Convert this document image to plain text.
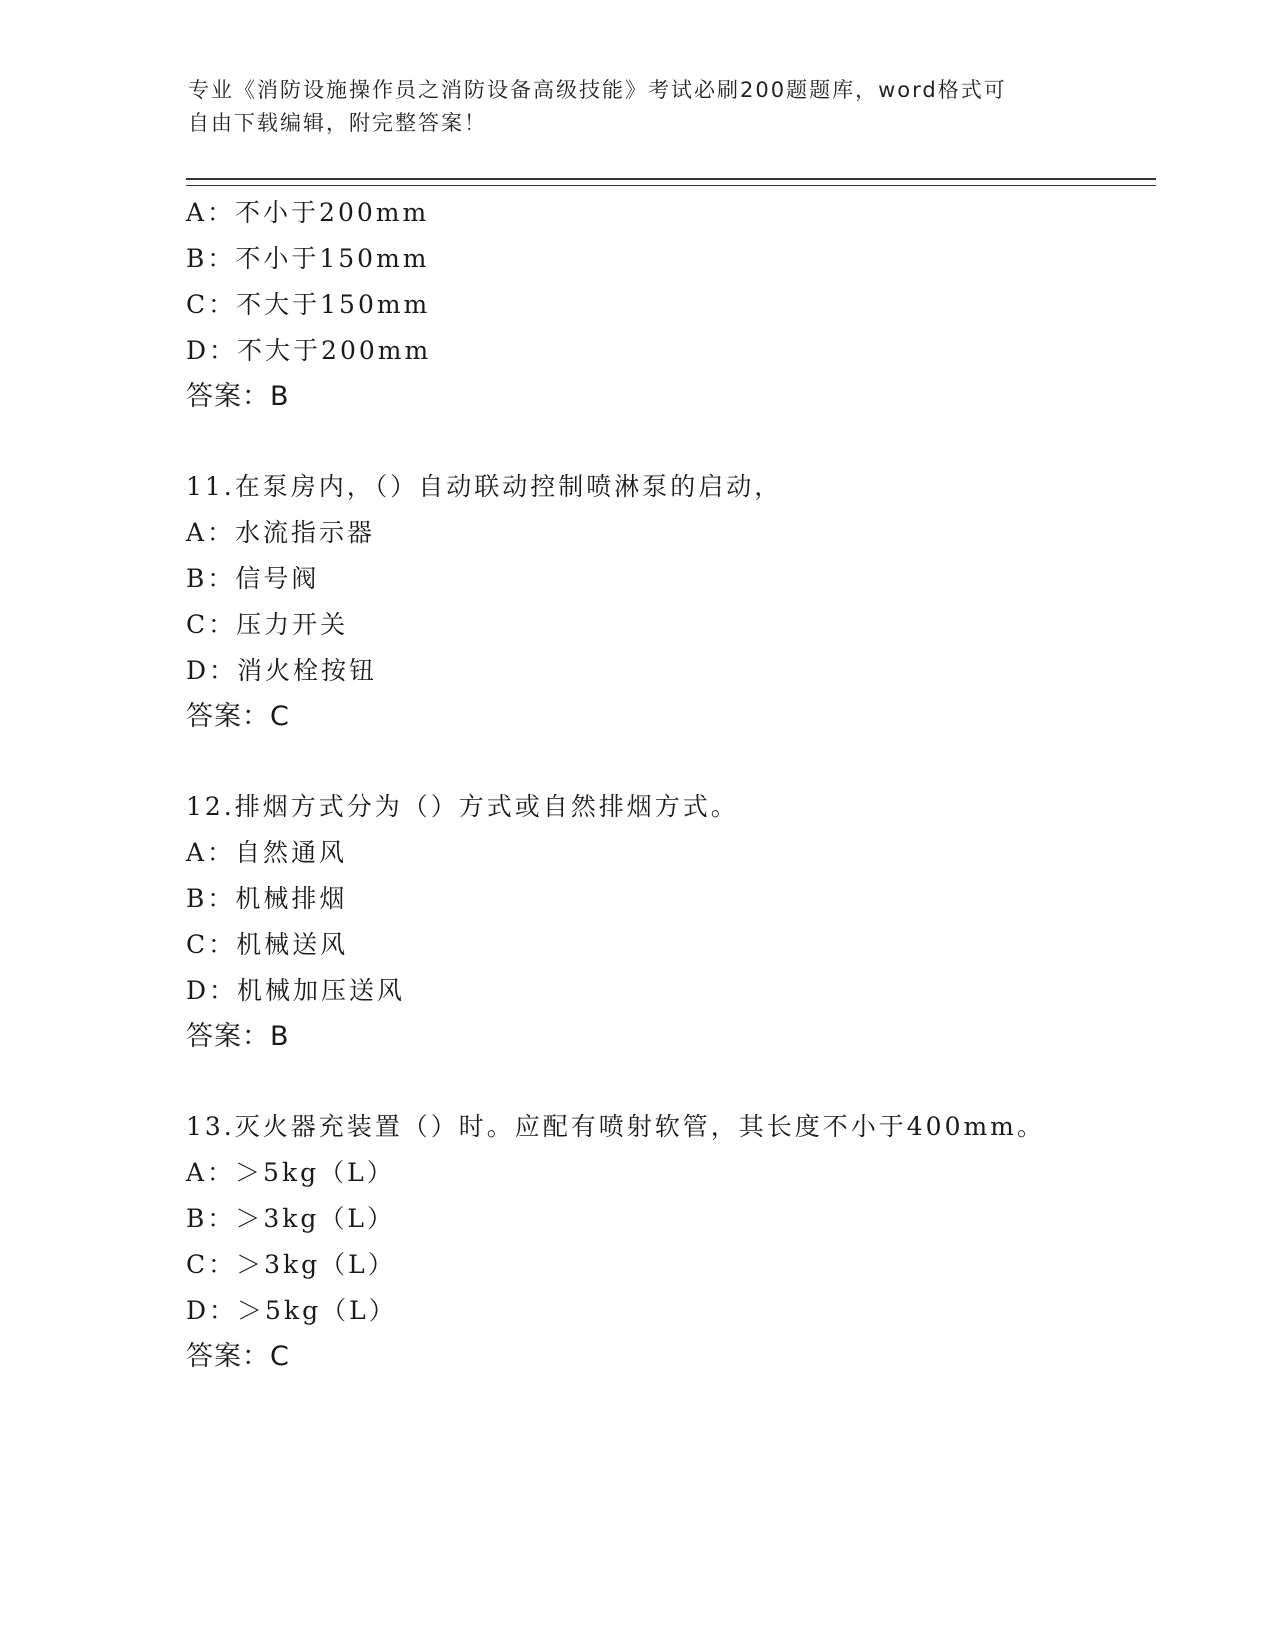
专业《消防设施操作员之消防设备高级技能》考试必刷200题题库，word格式可
自由下载编辑，附完整答案！
A：不小于200mm
B：不小于150mm
C：不大于150mm
D：不大于200mm
答案：B
11.在泵房内，（）自动联动控制喷淋泵的启动，
A：水流指示器
B：信号阀
C：压力开关
D：消火栓按钮
答案：C
12.排烟方式分为（）方式或自然排烟方式。
A：自然通风
B：机械排烟
C：机械送风
D：机械加压送风
答案：B
13.灭火器充装置（）时。应配有喷射软管，其长度不小于400mm。
A：＞5kg（L）
B：＞3kg（L）
C：＞3kg（L）
D：＞5kg（L）
答案：C
